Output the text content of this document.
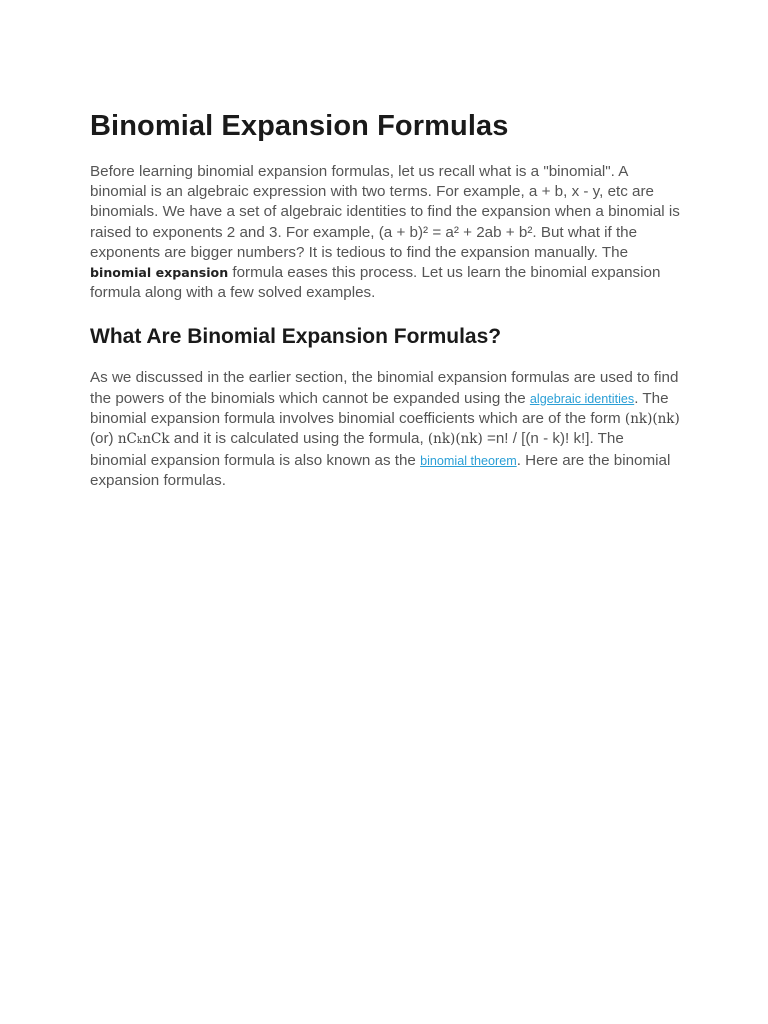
Binomial Expansion Formulas

Before learning binomial expansion formulas, let us recall what is a "binomial". A binomial is an algebraic expression with two terms. For example, a + b, x - y, etc are binomials. We have a set of algebraic identities to find the expansion when a binomial is raised to exponents 2 and 3. For example, (a + b)² = a² + 2ab + b². But what if the exponents are bigger numbers? It is tedious to find the expansion manually. The binomial expansion formula eases this process. Let us learn the binomial expansion formula along with a few solved examples.

What Are Binomial Expansion Formulas?

As we discussed in the earlier section, the binomial expansion formulas are used to find the powers of the binomials which cannot be expanded using the algebraic identities. The binomial expansion formula involves binomial coefficients which are of the form (nk)(nk) (or) nCknCk and it is calculated using the formula, (nk)(nk) =n! / [(n - k)! k!]. The binomial expansion formula is also known as the binomial theorem. Here are the binomial expansion formulas.
